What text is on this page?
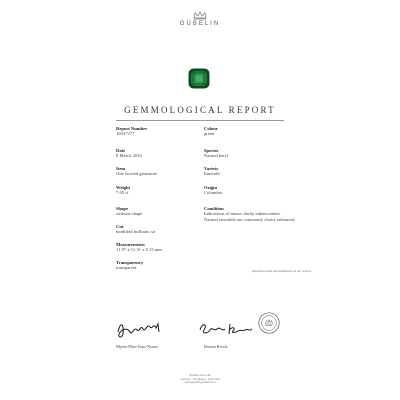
GÜBELIN
GEMMOLOGICAL REPORT
Report Number
16037277
Date
8 March 2016
Item
One faceted gemstone
Weight
7.65 ct
Shape
cushion-shape
Cut
modified brilliant cut
Measurements
11.97 x 11.31 x 8.13 mm
Transparency
transparent
Colour
green
Species
Natural beryl
Variety
Emerald
Origin
Colombia
Condition
Indications of minor clarity enhancement.
Natural emeralds are commonly clarity enhanced.
Important notes and limitations on the reverse.
Myint-Phye Kan-Nyunt	Bonita Rivok
Gübelin Gem Lab
Lucerne · Hongkong · New York
www.gubelingemlab.com
